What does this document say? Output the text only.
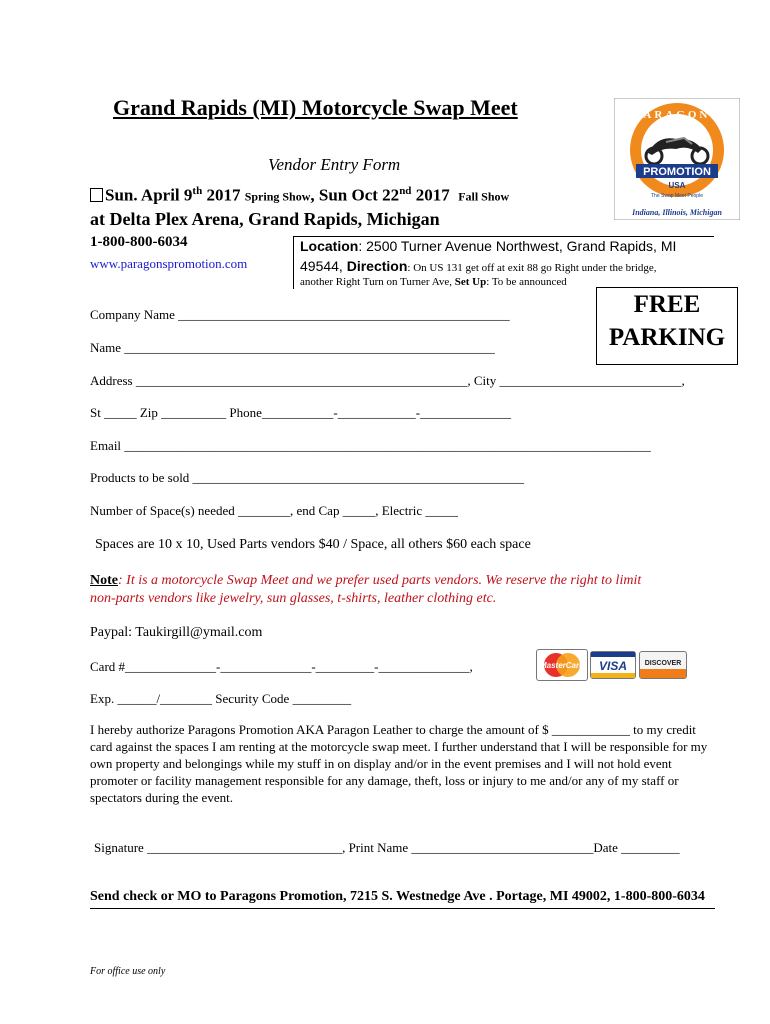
Grand Rapids (MI) Motorcycle Swap Meet
Vendor Entry Form
Sun. April 9th 2017 Spring Show, Sun Oct 22nd 2017  Fall Show
at Delta Plex Arena, Grand Rapids, Michigan
1-800-800-6034
www.paragonspromotion.com
PARAGONS
PROMOTION
USA
The Swap Meet People
Indiana, Illinois, Michigan
Location: 2500 Turner Avenue Northwest, Grand Rapids, MI
49544, Direction: On US 131 get off at exit 88 go Right under the bridge,
another Right Turn on Turner Ave, Set Up: To be announced
FREE
PARKING
Company Name ___________________________________________________
Name _________________________________________________________
Address ___________________________________________________, City ____________________________,
St _____ Zip __________ Phone___________-____________-______________
Email _________________________________________________________________________________
Products to be sold ___________________________________________________
Number of Space(s) needed ________, end Cap _____, Electric _____
Spaces are 10 x 10, Used Parts vendors $40 / Space, all others $60 each space
Note: It is a motorcycle Swap Meet and we prefer used parts vendors. We reserve the right to limit
non-parts vendors like jewelry, sun glasses, t-shirts, leather clothing etc.
Paypal: Taukirgill@ymail.com
Card #______________-______________-_________-______________,
Exp. ______/________ Security Code _________
MasterCard VISA	DISCOVER
I hereby authorize Paragons Promotion AKA Paragon Leather to charge the amount of $ ____________ to my credit card against the spaces I am renting at the motorcycle swap meet. I further understand that I will be responsible for my own property and belongings while my stuff in on display and/or in the event premises and I will not hold event promoter or facility management responsible for any damage, theft, loss or injury to me and/or any of my staff or spectators during the event.
Signature ______________________________, Print Name ____________________________Date _________
Send check or MO to Paragons Promotion, 7215 S. Westnedge Ave . Portage, MI 49002, 1-800-800-6034
For office use only
